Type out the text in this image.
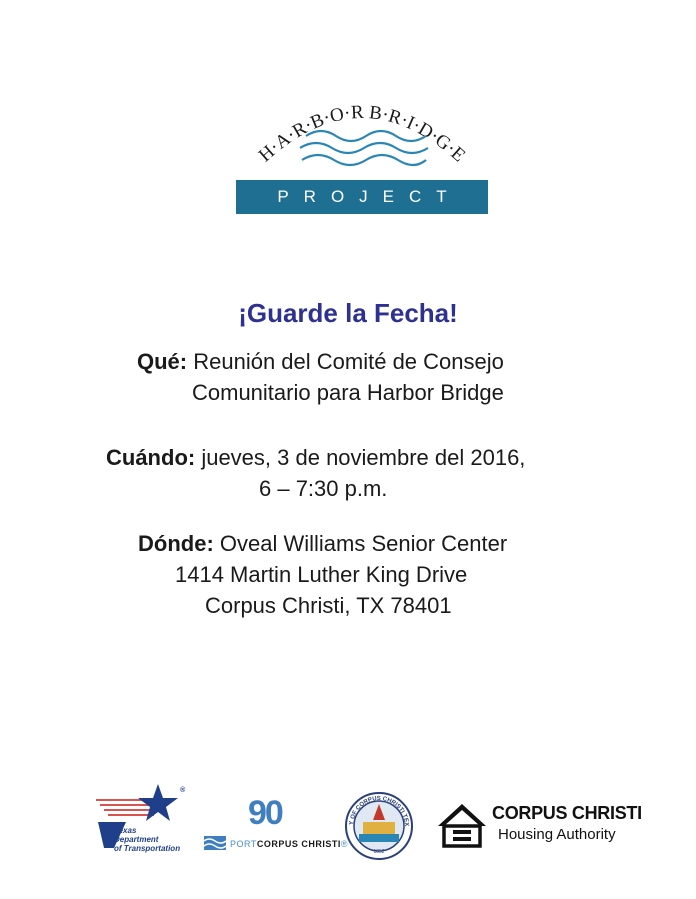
H·A·R·B·O·R B·R·I·D·G·E
PROJECT
¡Guarde la Fecha!
Qué: Reunión del Comité de Consejo
Comunitario para Harbor Bridge
Cuándo: jueves, 3 de noviembre del 2016,
6 – 7:30 p.m.
Dónde: Oveal Williams Senior Center
1414 Martin Luther King Drive
Corpus Christi, TX 78401
®
Texas
Department
of Transportation
90
PORTCORPUS CHRISTI®
Y OF CORPUS CHRISTI TEX
1852
CORPUS CHRISTI
Housing Authority
